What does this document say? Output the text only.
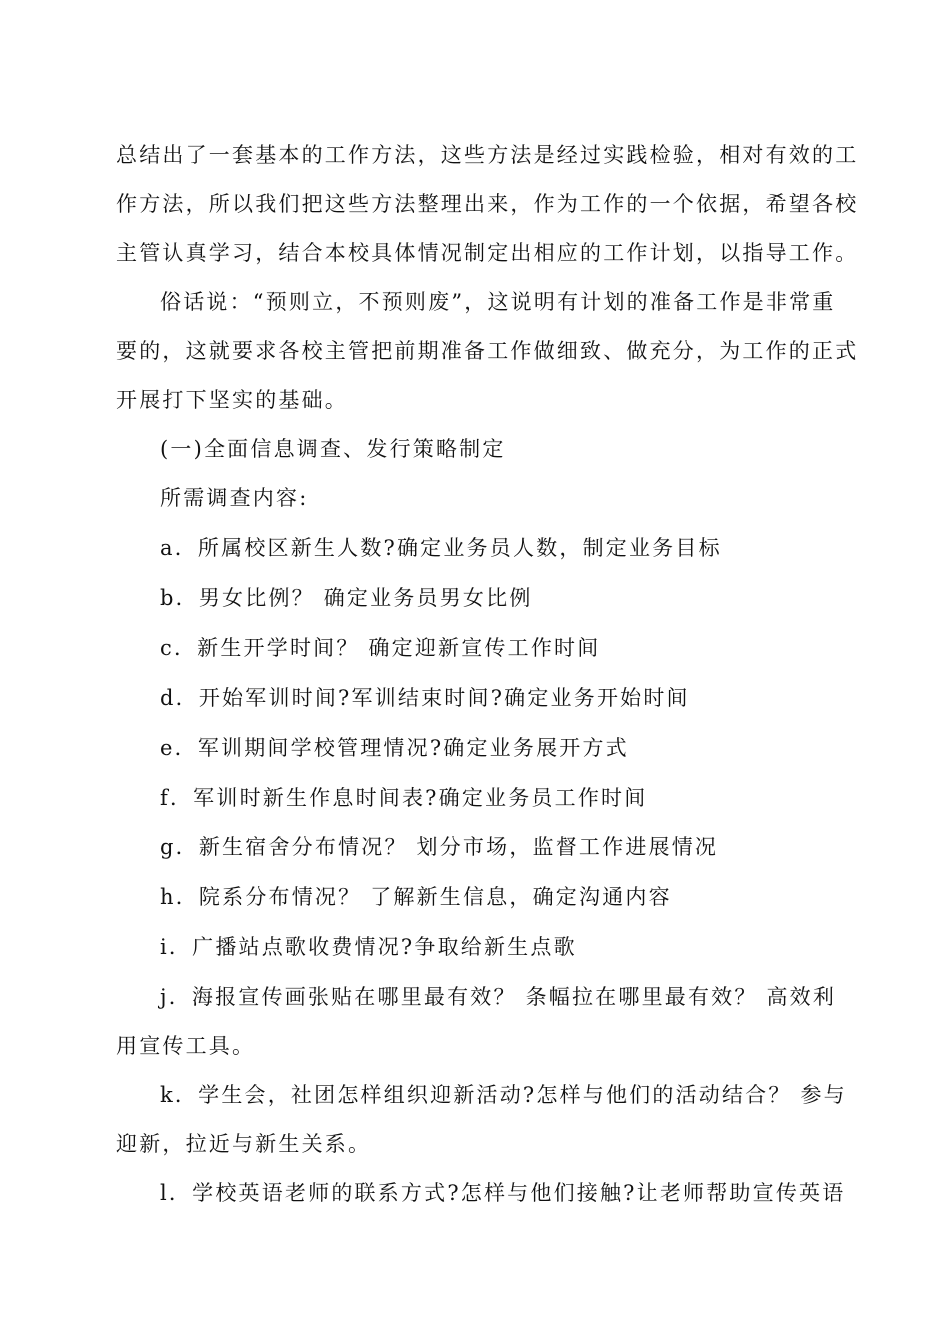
总结出了一套基本的工作方法，这些方法是经过实践检验，相对有效的工
作方法，所以我们把这些方法整理出来，作为工作的一个依据，希望各校
主管认真学习，结合本校具体情况制定出相应的工作计划，以指导工作。
俗话说：“预则立，不预则废”，这说明有计划的准备工作是非常重
要的，这就要求各校主管把前期准备工作做细致、做充分，为工作的正式
开展打下坚实的基础。
(一)全面信息调查、发行策略制定
所需调查内容:
a．所属校区新生人数?确定业务员人数，制定业务目标
b．男女比例？ 确定业务员男女比例
c．新生开学时间？ 确定迎新宣传工作时间
d．开始军训时间?军训结束时间?确定业务开始时间
e．军训期间学校管理情况?确定业务展开方式
f．军训时新生作息时间表?确定业务员工作时间
g．新生宿舍分布情况？ 划分市场，监督工作进展情况
h．院系分布情况？ 了解新生信息，确定沟通内容
i．广播站点歌收费情况?争取给新生点歌
j．海报宣传画张贴在哪里最有效？ 条幅拉在哪里最有效？ 高效利
用宣传工具。
k．学生会，社团怎样组织迎新活动?怎样与他们的活动结合？ 参与
迎新，拉近与新生关系。
l．学校英语老师的联系方式?怎样与他们接触?让老师帮助宣传英语
